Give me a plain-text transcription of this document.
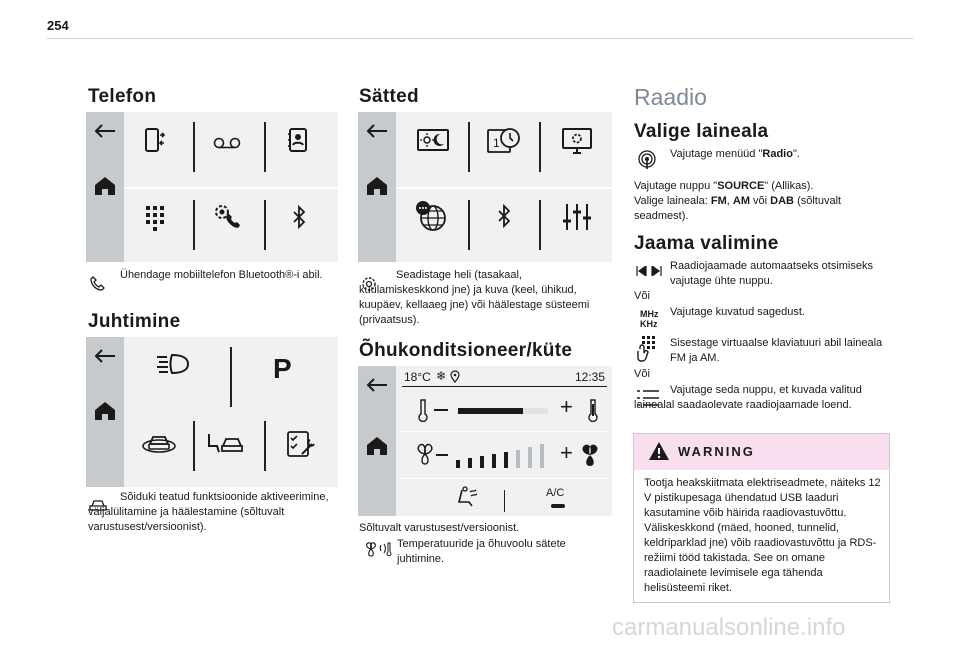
254
Telefon
Ühendage mobiiltelefon Bluetooth®-i abil.
Juhtimine
P
Sõiduki teatud funktsioonide aktiveerimine, väljalülitamine ja häälestamine (sõltuvalt varustusest/versioonist).
Sätted
1
Seadistage heli (tasakaal, kuulamiskeskkond jne) ja kuva (keel, ühikud, kuupäev, kellaaeg jne) või häälestage süsteemi (privaatsus).
Õhukonditsioneer/küte
18°C ❄	12:35
+
+
A/C
Sõltuvalt varustusest/versioonist.
Temperatuuride ja õhuvoolu sätete juhtimine.
Raadio
Valige laineala
Vajutage menüüd "Radio".
Vajutage nuppu "SOURCE" (Allikas).
Valige laineala: FM, AM või DAB (sõltuvalt seadmest).
Jaama valimine
Raadiojaamade automaatseks otsimiseks vajutage ühte nuppu.
Või
MHz
KHz
Vajutage kuvatud sagedust.
Sisestage virtuaalse klaviatuuri abil laineala FM ja AM.
Või
Vajutage seda nuppu, et kuvada valitud lainealal saadaolevate raadiojaamade loend.
WARNING
Tootja heakskiitmata elektriseadmete, näiteks 12 V pistikupesaga ühendatud USB laaduri kasutamine võib häirida raadiovastuvõttu. Väliskeskkond (mäed, hooned, tunnelid, keldriparklad jne) võib raadiovastuvõttu ja RDS-režiimi tööd takistada. See on omane raadiolainete levimisele ega tähenda helisüsteemi riket.
carmanualsonline.info
